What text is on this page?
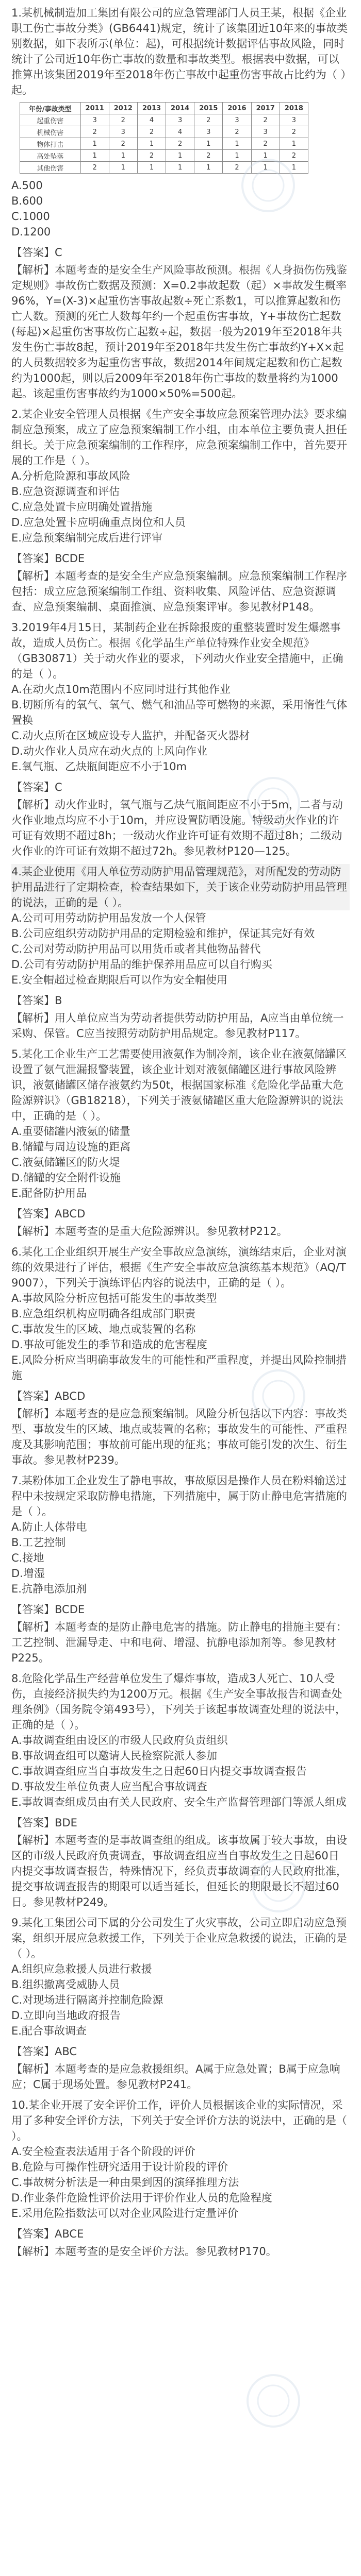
1.某机械制造加工集团有限公司的应急管理部门人员王某，根据《企业职工伤亡事故分类》(GB6441)规定，统计了该集团近10年来的事故类别数据，如下表所示(单位：起)，可根据统计数据评估事故风险，同时统计了公司近10年伤亡事故的数量和事故类型。根据表中数据，可以推算出该集团2019年至2018年伤亡事故中起重伤害事故占比约为（ ）起。

年份/事故类型	2011	2012	2013	2014	2015	2016	2017	2018
起重伤害	3	2	4	3	2	3	2	3
机械伤害	2	3	2	4	3	2	3	2
物体打击	1	2	1	2	1	1	2	1
高处坠落	1	1	2	1	2	1	1	2
其他伤害	2	1	1	1	1	2	1	1

A.500

B.600

C.1000

D.1200

【答案】C

【解析】本题考查的是安全生产风险事故预测。根据《人身损伤伤残鉴定规则》事故伤亡数据及预测：X=0.2事故起数（起）×事故发生概率96%，Y=(X-3)×起重伤害事故起数÷死亡系数1，可以推算起数和伤亡人数。预测的死亡人数每年约一个起重伤害事故，Y+事故伤亡起数(每起)×起重伤害事故伤亡起数÷起，数据一般为2019年至2018年共发生伤亡事故8起，预计2019年至2018年共发生伤亡事故约Y+X×起的人员数据较多为起重伤害事故，数据2014年间规定起数和伤亡起数约为1000起，则以后2009年至2018年伤亡事故的数量将约为1000起。该起重伤害事故约为1000×50%=500起。

2.某企业安全管理人员根据《生产安全事故应急预案管理办法》要求编制应急预案，成立了应急预案编制工作小组，由本单位主要负责人担任组长。关于应急预案编制的工作程序，应急预案编制工作中，首先要开展的工作是（ ）。

A.分析危险源和事故风险

B.应急资源调查和评估

C.应急处置卡应明确处置措施

D.应急处置卡应明确重点岗位和人员

E.应急预案编制完成后进行评审

【答案】BCDE

【解析】本题考查的是安全生产应急预案编制。应急预案编制工作程序包括：成立应急预案编制工作组、资料收集、风险评估、应急资源调查、应急预案编制、桌面推演、应急预案评审。参见教材P148。

3.2019年4月15日，某制药企业在拆除报废的重整装置时发生爆燃事故，造成人员伤亡。根据《化学品生产单位特殊作业安全规范》（GB30871）关于动火作业的要求，下列动火作业安全措施中，正确的是（ ）。

A.在动火点10m范围内不应同时进行其他作业

B.切断所有的氧气、氧气、燃气和油品等可燃物的来源，采用惰性气体置换

C.动火点所在区域应设专人监护，并配备灭火器材

D.动火作业人员应在动火点的上风向作业

E.氧气瓶、乙炔瓶间距应不小于10m

【答案】C

【解析】动火作业时，氧气瓶与乙炔气瓶间距应不小于5m，二者与动火作业地点均应不小于10m，并应设置防晒设施。特级动火作业的许可证有效期不超过8h；一级动火作业许可证有效期不超过8h；二级动火作业的许可证有效期不超过72h。参见教材P120—125。

4.某企业使用《用人单位劳动防护用品管理规范》，对所配发的劳动防护用品进行了定期检查，检查结果如下，关于该企业劳动防护用品管理的说法，正确的是（ ）。

A.公司可用劳动防护用品发放一个人保管

B.公司应组织劳动防护用品的定期检验和维护，保证其完好有效

C.公司对劳动防护用品可以用货币或者其他物品替代

D.公司有劳动防护用品的维护保养用品应可以自行购买

E.安全帽超过检查期限后可以作为安全帽使用

【答案】B

【解析】用人单位应当为劳动者提供劳动防护用品，A应当由单位统一采购、保管。C应当按照劳动防护用品规定。参见教材P117。

5.某化工企业生产工艺需要使用液氨作为制冷剂，该企业在液氨储罐区设置了氨气泄漏报警装置，该企业计划对液氨储罐区进行事故风险辨识，液氨储罐区储存液氨约为50t，根据国家标准《危险化学品重大危险源辨识》（GB18218），下列关于液氨储罐区重大危险源辨识的说法中，正确的是（ ）。

A.重要储罐内液氨的储量

B.储罐与周边设施的距离

C.液氨储罐区的防火堤

D.储罐的安全附件设施

E.配备防护用品

【答案】ABCD

【解析】本题考查的是重大危险源辨识。参见教材P212。

6.某化工企业组织开展生产安全事故应急演练，演练结束后，企业对演练的效果进行了评估，根据《生产安全事故应急演练基本规范》（AQ/T 9007），下列关于演练评估内容的说法中，正确的是（ ）。

A.事故风险分析应包括可能发生的事故类型

B.应急组织机构应明确各组成部门职责

C.事故发生的区域、地点或装置的名称

D.事故可能发生的季节和造成的危害程度

E.风险分析应当明确事故发生的可能性和严重程度，并提出风险控制措施

【答案】ABCD

【解析】本题考查的是应急预案编制。风险分析包括以下内容：事故类型、事故发生的区域、地点或装置的名称；事故发生的可能性、严重程度及其影响范围；事故前可能出现的征兆；事故可能引发的次生、衍生事故。参见教材P239。

7.某粉体加工企业发生了静电事故，事故原因是操作人员在粉料输送过程中未按规定采取防静电措施，下列措施中，属于防止静电危害措施的是（ ）。

A.防止人体带电

B.工艺控制

C.接地

D.增湿

E.抗静电添加剂

【答案】BCDE

【解析】本题考查的是防止静电危害的措施。防止静电的措施主要有：工艺控制、泄漏导走、中和电荷、增湿、抗静电添加剂等。参见教材P225。

8.危险化学品生产经营单位发生了爆炸事故，造成3人死亡、10人受伤，直接经济损失约为1200万元。根据《生产安全事故报告和调查处理条例》（国务院令第493号），下列关于该起事故调查处理的说法中，正确的是（ ）。

A.事故调查组由设区的市级人民政府负责组织

B.事故调查组可以邀请人民检察院派人参加

C.事故调查组应当自事故发生之日起60日内提交事故调查报告

D.事故发生单位负责人应当配合事故调查

E.事故调查组成员由有关人民政府、安全生产监督管理部门等派人组成

【答案】BDE

【解析】本题考查的是事故调查组的组成。该事故属于较大事故，由设区的市级人民政府负责调查，事故调查组应当自事故发生之日起60日内提交事故调查报告，特殊情况下，经负责事故调查的人民政府批准，提交事故调查报告的期限可以适当延长，但延长的期限最长不超过60日。参见教材P249。

9.某化工集团公司下属的分公司发生了火灾事故，公司立即启动应急预案，组织开展应急救援工作，下列关于企业应急救援的说法，正确的是（ ）。

A.组织应急救援人员进行救援

B.组织撤离受威胁人员

C.对现场进行隔离并控制危险源

D.立即向当地政府报告

E.配合事故调查

【答案】ABC

【解析】本题考查的是应急救援组织。A属于应急处置；B属于应急响应；C属于现场处置。参见教材P241。

10.某企业开展了安全评价工作，评价人员根据该企业的实际情况，采用了多种安全评价方法，下列关于安全评价方法的说法中，正确的是（ ）。

A.安全检查表法适用于各个阶段的评价

B.危险与可操作性研究适用于设计阶段的评价

C.事故树分析法是一种由果到因的演绎推理方法

D.作业条件危险性评价法用于评价作业人员的危险程度

E.采用危险指数法可以对企业风险进行定量评价

【答案】ABCE

【解析】本题考查的是安全评价方法。参见教材P170。
